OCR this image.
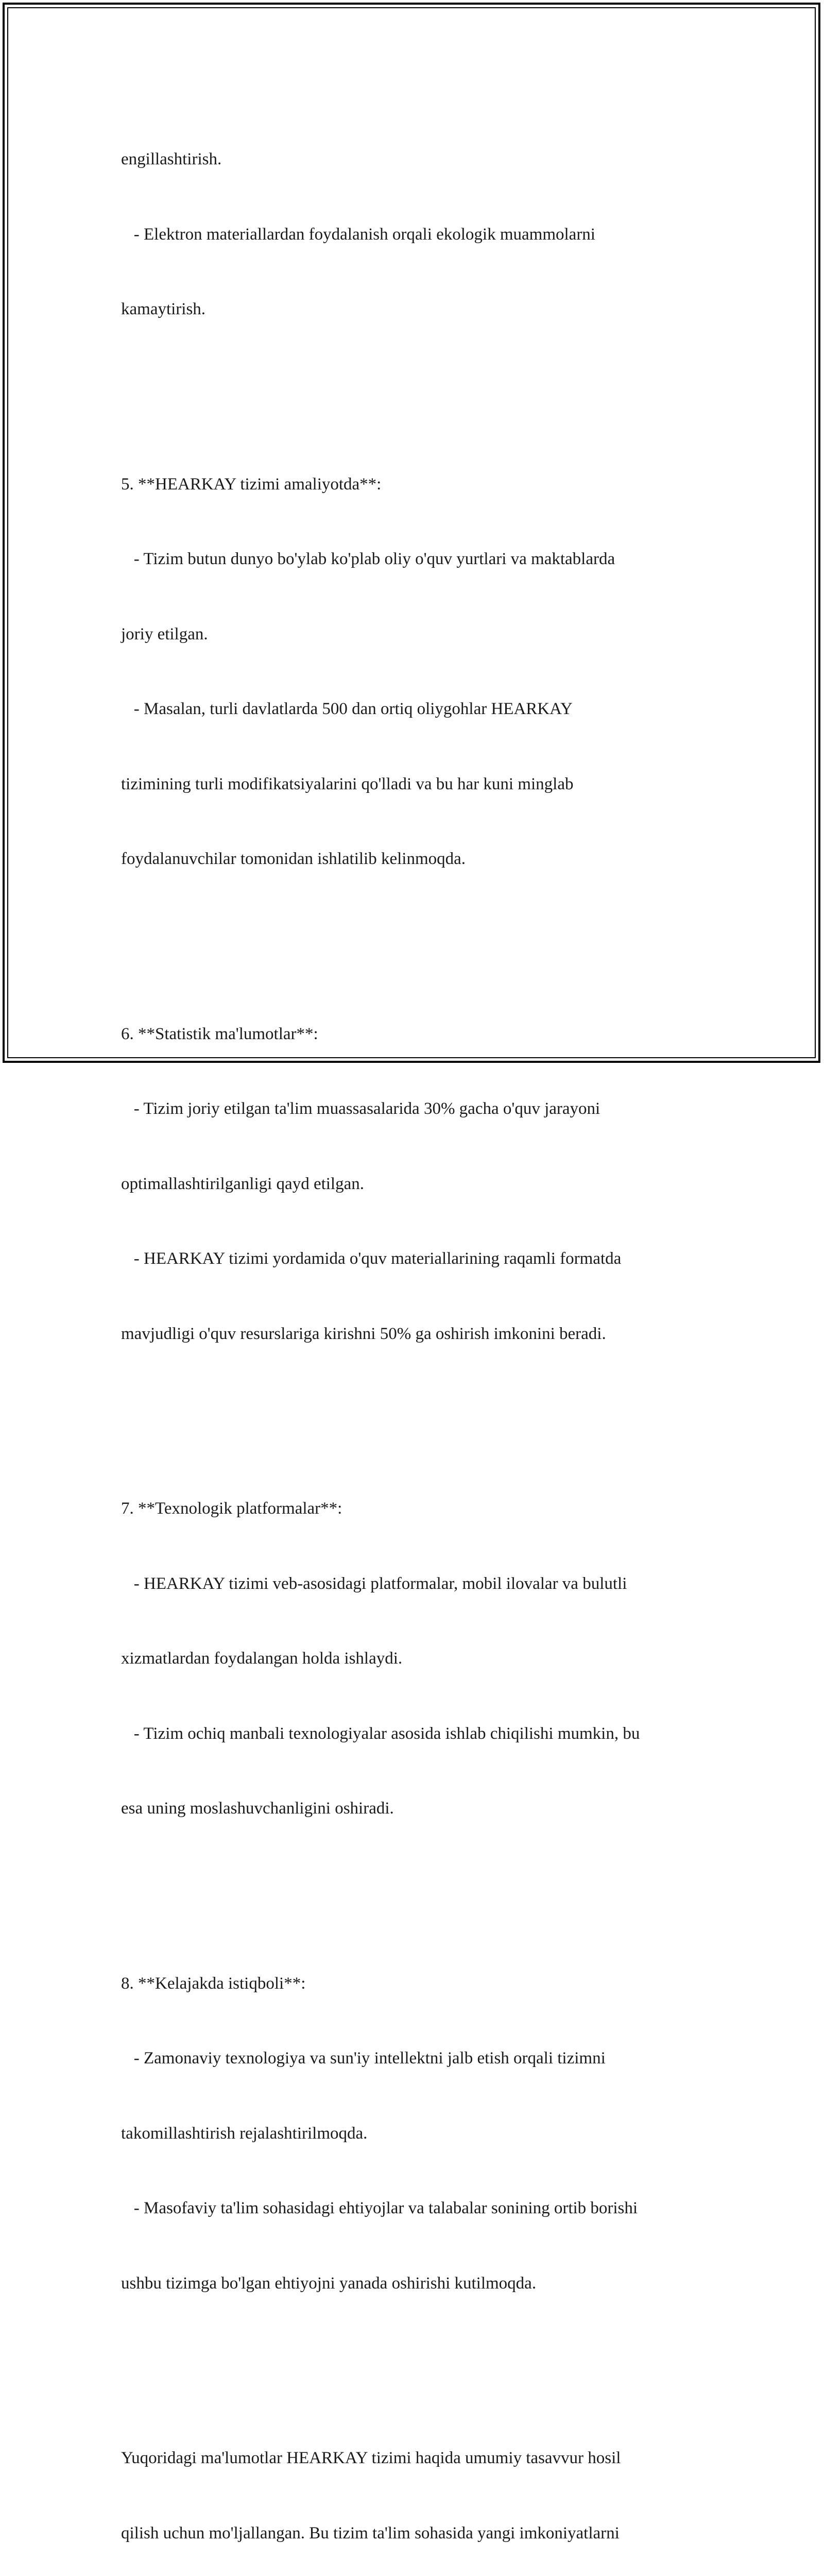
engillashtirish.

- Elektron materiallardan foydalanish orqali ekologik muammolarni

kamaytirish.

5. **HEARKAY tizimi amaliyotda**:

- Tizim butun dunyo bo'ylab ko'plab oliy o'quv yurtlari va maktablarda

joriy etilgan.

- Masalan, turli davlatlarda 500 dan ortiq oliygohlar HEARKAY

tizimining turli modifikatsiyalarini qo'lladi va bu har kuni minglab

foydalanuvchilar tomonidan ishlatilib kelinmoqda.

6. **Statistik ma'lumotlar**:

- Tizim joriy etilgan ta'lim muassasalarida 30% gacha o'quv jarayoni

optimallashtirilganligi qayd etilgan.

- HEARKAY tizimi yordamida o'quv materiallarining raqamli formatda

mavjudligi o'quv resurslariga kirishni 50% ga oshirish imkonini beradi.

7. **Texnologik platformalar**:

- HEARKAY tizimi veb-asosidagi platformalar, mobil ilovalar va bulutli

xizmatlardan foydalangan holda ishlaydi.

- Tizim ochiq manbali texnologiyalar asosida ishlab chiqilishi mumkin, bu

esa uning moslashuvchanligini oshiradi.

8. **Kelajakda istiqboli**:

- Zamonaviy texnologiya va sun'iy intellektni jalb etish orqali tizimni

takomillashtirish rejalashtirilmoqda.

- Masofaviy ta'lim sohasidagi ehtiyojlar va talabalar sonining ortib borishi

ushbu tizimga bo'lgan ehtiyojni yanada oshirishi kutilmoqda.

Yuqoridagi ma'lumotlar HEARKAY tizimi haqida umumiy tasavvur hosil

qilish uchun mo'ljallangan. Bu tizim ta'lim sohasida yangi imkoniyatlarni
